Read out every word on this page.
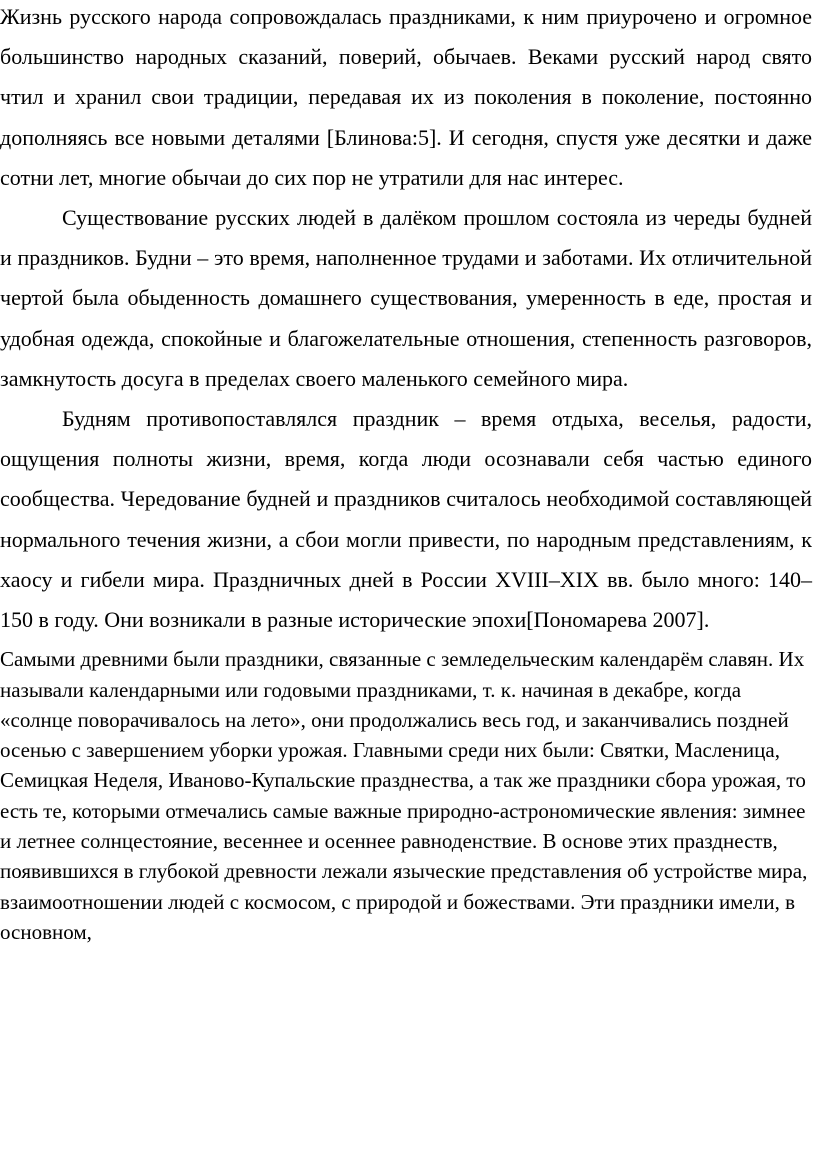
Жизнь русского народа сопровождалась праздниками, к ним приурочено и огромное большинство народных сказаний, поверий, обычаев. Веками русский народ свято чтил и хранил свои традиции, передавая их из поколения в поколение, постоянно дополняясь все новыми деталями [Блинова:5]. И сегодня, спустя уже десятки и даже сотни лет, многие обычаи до сих пор не утратили для нас интерес.

Существование русских людей в далёком прошлом состояла из череды будней и праздников. Будни – это время, наполненное трудами и заботами. Их отличительной чертой была обыденность домашнего существования, умеренность в еде, простая и удобная одежда, спокойные и благожелательные отношения, степенность разговоров, замкнутость досуга в пределах своего маленького семейного мира.

Будням противопоставлялся праздник – время отдыха, веселья, радости, ощущения полноты жизни, время, когда люди осознавали себя частью единого сообщества. Чередование будней и праздников считалось необходимой составляющей нормального течения жизни, а сбои могли привести, по народным представлениям, к хаосу и гибели мира. Праздничных дней в России XVIII–XIX вв. было много: 140–150 в году. Они возникали в разные исторические эпохи[Пономарева 2007].

Самыми древними были праздники, связанные с земледельческим календарём славян. Их называли календарными или годовыми праздниками, т. к. начиная в декабре, когда «солнце поворачивалось на лето», они продолжались весь год, и заканчивались поздней осенью с завершением уборки урожая. Главными среди них были: Святки, Масленица, Семицкая Неделя, Иваново-Купальские празднества, а так же праздники сбора урожая, то есть те, которыми отмечались самые важные природно-астрономические явления: зимнее и летнее солнцестояние, весеннее и осеннее равноденствие. В основе этих празднеств, появившихся в глубокой древности лежали языческие представления об устройстве мира, взаимоотношении людей с космосом, с природой и божествами. Эти праздники имели, в основном,
